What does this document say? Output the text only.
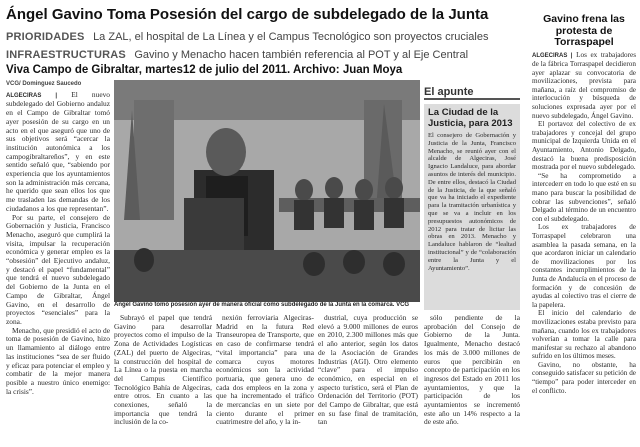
Ángel Gavino Toma Posesión del cargo de subdelegado de la Junta
PRIORIDADES La ZAL, el hospital de La Línea y el Campus Tecnológico son proyectos cruciales
INFRAESTRUCTURAS Gavino y Menacho hacen también referencia al POT y al Eje Central
Viva Campo de Gibraltar, martes12 de julio del 2011. Archivo: Juan Moya
VCG/ Dominguez Saucedo
ALGECIRAS | El nuevo subdelegado del Gobierno andaluz en el Campo de Gibraltar tomó ayer posesión de su cargo en un acto en el que aseguró que uno de sus objetivos será “acercar la institución autonómica a los campogibraltareños”, y en este sentido señaló que, “sabiendo por experiencia que los ayuntamientos son la administración más cercana, he querido que sean ellos los que me trasladen las demandas de los ciudadanos a los que representan”.

Por su parte, el consejero de Gobernación y Justicia, Francisco Menacho, aseguró que cumplirá la visita, impulsar la recuperación económica y generar empleo es la “obsesión” del Ejecutivo andaluz, y destacó el papel “fundamental” que tendrá el nuevo subdelegado del Gobierno de la Junta en el Campo de Gibraltar, Ángel Gavino, en el desarrollo de proyectos “esenciales” para la zona.

Menacho, que presidió el acto de toma de posesión de Gavino, hizo un llamamiento al diálogo entre las instituciones “sea de ser fluido y eficaz para potenciar el empleo y combatir de la mejor manera posible a nuestro único enemigo: la crisis”.

Ángel Gavino tomó posesión ayer de manera oficial como subdelegado de la Junta en la comarca. VCG

Subrayó el papel que tendrá Gavino para desarrollar proyectos como el impulso de la Zona de Actividades Logísticas (ZAL) del puerto de Algeciras, la construcción del hospital de La Línea o la puesta en marcha del Campus Científico Tecnológico Bahía de Algeciras, entre otros. En cuanto a las conexiones, señaló la importancia que tendrá la inclusión de la co-

nexión ferroviaria Algeciras-Madrid en la futura Red Transeuropea de Transporte, que en caso de confirmarse tendrá “vital importancia” para una comarca cuyos motores económicos son la actividad portuaria, que genera uno de cada dos empleos en la zona y que ha incrementado el tráfico de mercancías en un siete por ciento durante el primer cuatrimestre del año, y la in-

dustrial, cuya producción se elevó a 9.000 millones de euros en 2010, 2.300 millones más que el año anterior, según los datos de la Asociación de Grandes Industrias (AGI). Otro elemento “clave” para el impulso económico, en especial en el aspecto turístico, será el Plan de Ordenación del Territorio (POT) del Campo de Gibraltar, que está en su fase final de tramitación, tan

sólo pendiente de la aprobación del Consejo de Gobierno de la Junta. Igualmente, Menacho destacó los más de 3.000 millones de euros que percibirán en concepto de participación en los ingresos del Estado en 2011 los ayuntamientos, y que la participación de los ayuntamientos se incrementó este año un 14% respecto a la de este año.

El apunte
La Ciudad de la Justicia, para 2013
El consejero de Gobernación y Justicia de la Junta, Francisco Menacho, se reunió ayer con el alcalde de Algeciras, José Ignacio Landaluce, para abordar asuntos de interés del municipio. De entre ellos, destacó la Ciudad de la Justicia, de la que señaló que va ha iniciado el expediente para la tramitación urbanística y que se va a incluir en los presupuestos autonómicos de 2012 para tratar de licitar las obras en 2013. Menacho y Landaluce hablaron de “lealtad institucional” y de “colaboración entre la Junta y el Ayuntamiento”.
Gavino frena las protesta de Torraspapel
ALGECIRAS | Los ex trabajadores de la fábrica Torraspapel decidieron ayer aplazar su convocatoria de movilizaciones, prevista para mañana, a raíz del compromiso de interlocución y búsqueda de soluciones expresada ayer por el nuevo subdelegado, Ángel Gavino.

El portavoz del colectivo de ex trabajadores y concejal del grupo municipal de Izquierda Unida en el Ayuntamiento, Antonio Delgado, destacó la buena predisposición mostrada por el nuevo subdelegado.

“Se ha comprometido a intercederr en todo lo que esté en su mano para buscar la posibilidad de cobrar las subvenciones”, señaló Delgado al término de un encuentro con el subdelegado.

Los ex trabajadores de Torraspapel celebraron una asamblea la pasada semana, en la que acordaron iniciar un calendario de movilizaciones por los constantes incumplimientos de la Junta de Andalucía en el proceso de formación y de concesión de ayudas al colectivo tras el cierre de la papelera.

El inicio del calendario de movilizaciones estaba previsto para mañana, cuando los ex trabajadores volverían a tomar la calle para manifestar su rechazo al abandono sufrido en los últimos meses.

Gavino, no obstante, ha conseguido satisfacer su petición de “tiempo” para poder interceder en el conflicto.
